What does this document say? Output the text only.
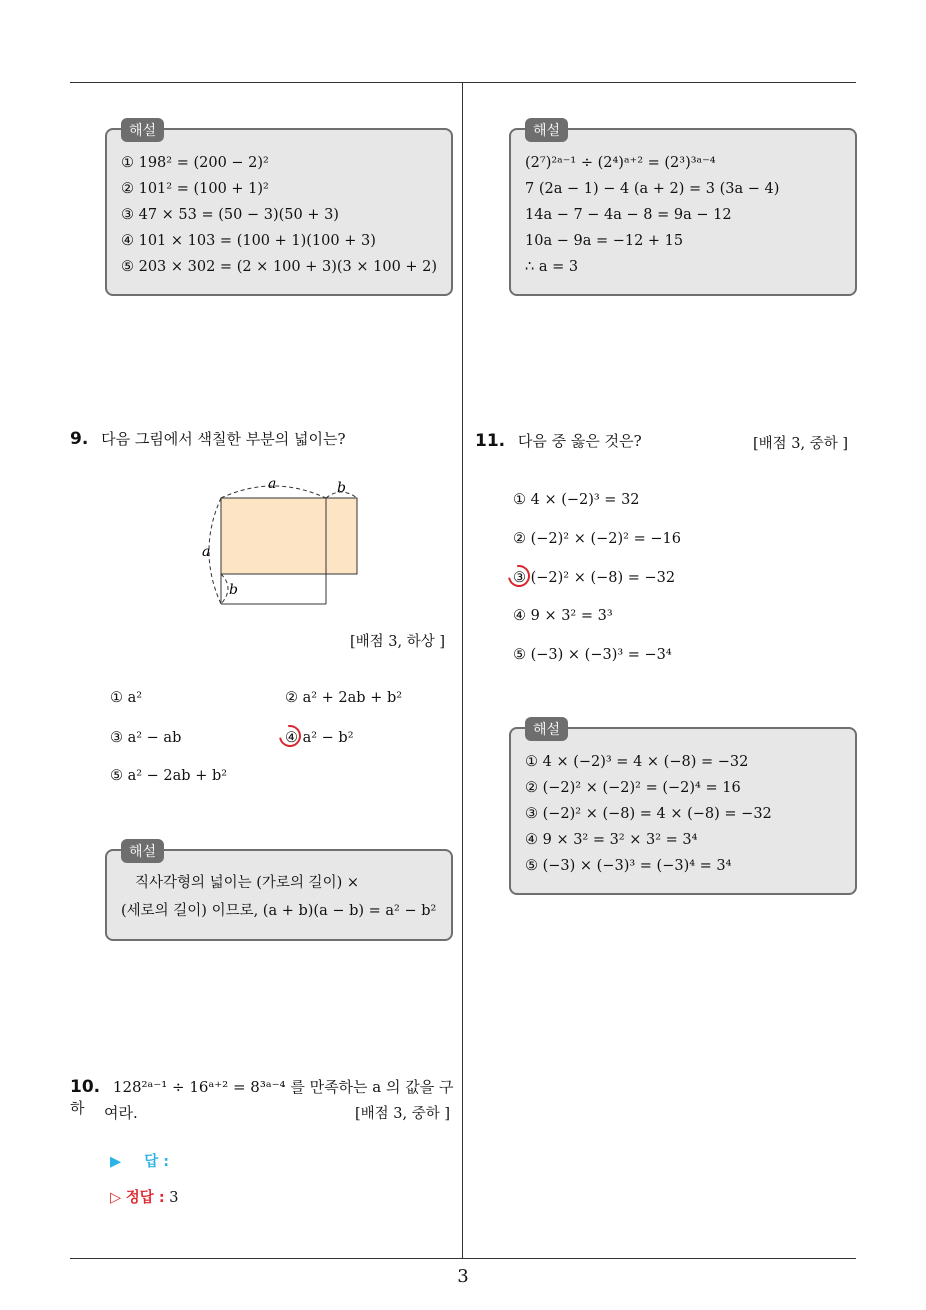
해설
① 198² = (200 − 2)²
② 101² = (100 + 1)²
③ 47 × 53 = (50 − 3)(50 + 3)
④ 101 × 103 = (100 + 1)(100 + 3)
⑤ 203 × 302 = (2 × 100 + 3)(3 × 100 + 2)
9. 다음 그림에서 색칠한 부분의 넓이는?
a	b
a
b
[배점 3, 하상 ]
① a²	② a² + 2ab + b²
③ a² − ab	④ a² − b²
⑤ a² − 2ab + b²
해설
직사각형의 넓이는 (가로의 길이) ×
(세로의 길이) 이므로, (a + b)(a − b) = a² − b²
10. 128²ᵃ⁻¹ ÷ 16ᵃ⁺² = 8³ᵃ⁻⁴ 를 만족하는 a 의 값을 구하	여라.	[배점 3, 중하 ]
▶ 답 :
▷ 정답 : 3
해설
(2⁷)²ᵃ⁻¹ ÷ (2⁴)ᵃ⁺² = (2³)³ᵃ⁻⁴
7 (2a − 1) − 4 (a + 2) = 3 (3a − 4)
14a − 7 − 4a − 8 = 9a − 12
10a − 9a = −12 + 15
∴ a = 3
11. 다음 중 옳은 것은?	[배점 3, 중하 ]
① 4 × (−2)³ = 32
② (−2)² × (−2)² = −16
③ (−2)² × (−8) = −32
④ 9 × 3² = 3³
⑤ (−3) × (−3)³ = −3⁴
해설
① 4 × (−2)³ = 4 × (−8) = −32
② (−2)² × (−2)² = (−2)⁴ = 16
③ (−2)² × (−8) = 4 × (−8) = −32
④ 9 × 3² = 3² × 3² = 3⁴
⑤ (−3) × (−3)³ = (−3)⁴ = 3⁴
3
